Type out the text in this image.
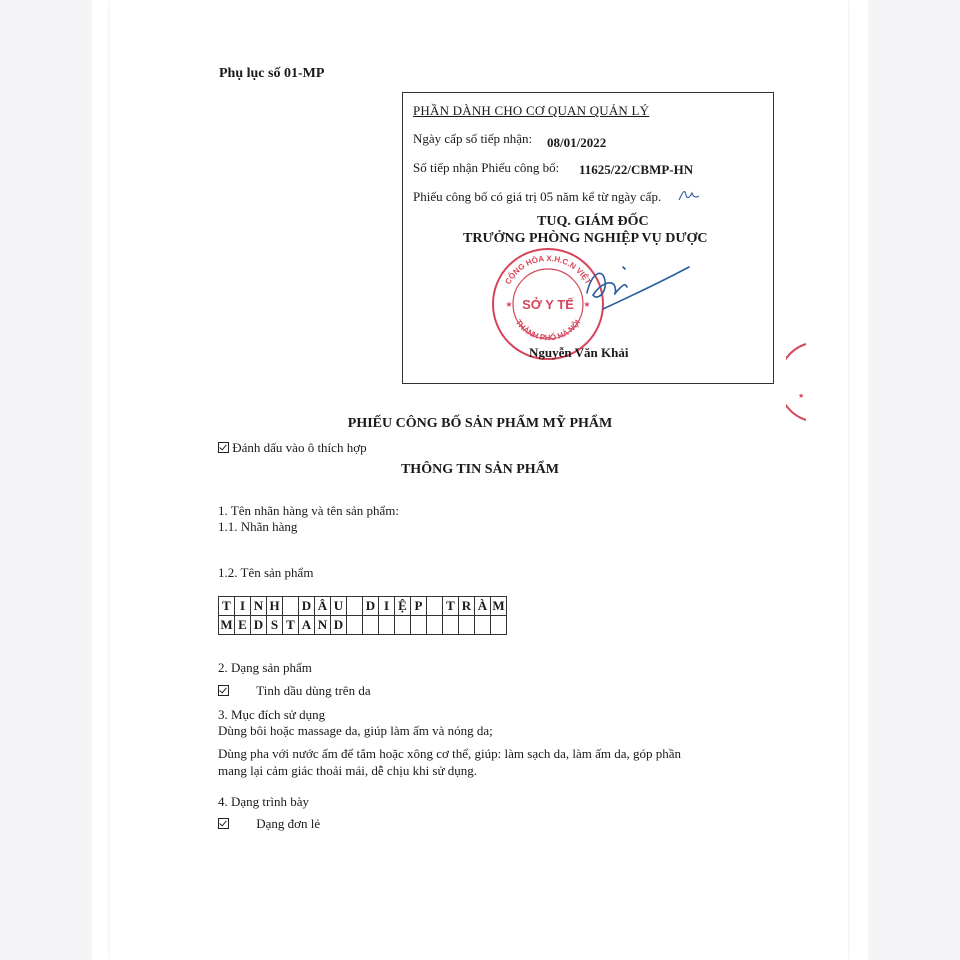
Phụ lục số 01-MP
PHẦN DÀNH CHO CƠ QUAN QUẢN LÝ
Ngày cấp số tiếp nhận: 08/01/2022
Số tiếp nhận Phiếu công bố: 11625/22/CBMP-HN
Phiếu công bố có giá trị 05 năm kể từ ngày cấp.
TUQ. GIÁM ĐỐC
TRƯỞNG PHÒNG NGHIỆP VỤ DƯỢC
CỘNG HÒA X.H.C.N VIỆT
THÀNH PHỐ HÀ NỘI
SỞ Y TẾ
★	★
Nguyễn Văn Khải
★
PHIẾU CÔNG BỐ SẢN PHẨM MỸ PHẨM
Đánh dấu vào ô thích hợp
THÔNG TIN SẢN PHẨM
1. Tên nhãn hàng và tên sản phẩm:
1.1. Nhãn hàng
1.2. Tên sản phẩm
T	I	N	H		D	Â	U		D	I	Ệ	P		T	R	À	M
M	E	D	S	T	A	N	D										
2. Dạng sản phẩm
Tinh dầu dùng trên da
3. Mục đích sử dụng
Dùng bôi hoặc massage da, giúp làm ấm và nóng da;
Dùng pha với nước ấm để tắm hoặc xông cơ thể, giúp: làm sạch da, làm ấm da, góp phần
mang lại cảm giác thoải mái, dễ chịu khi sử dụng.
4. Dạng trình bày
Dạng đơn lẻ
